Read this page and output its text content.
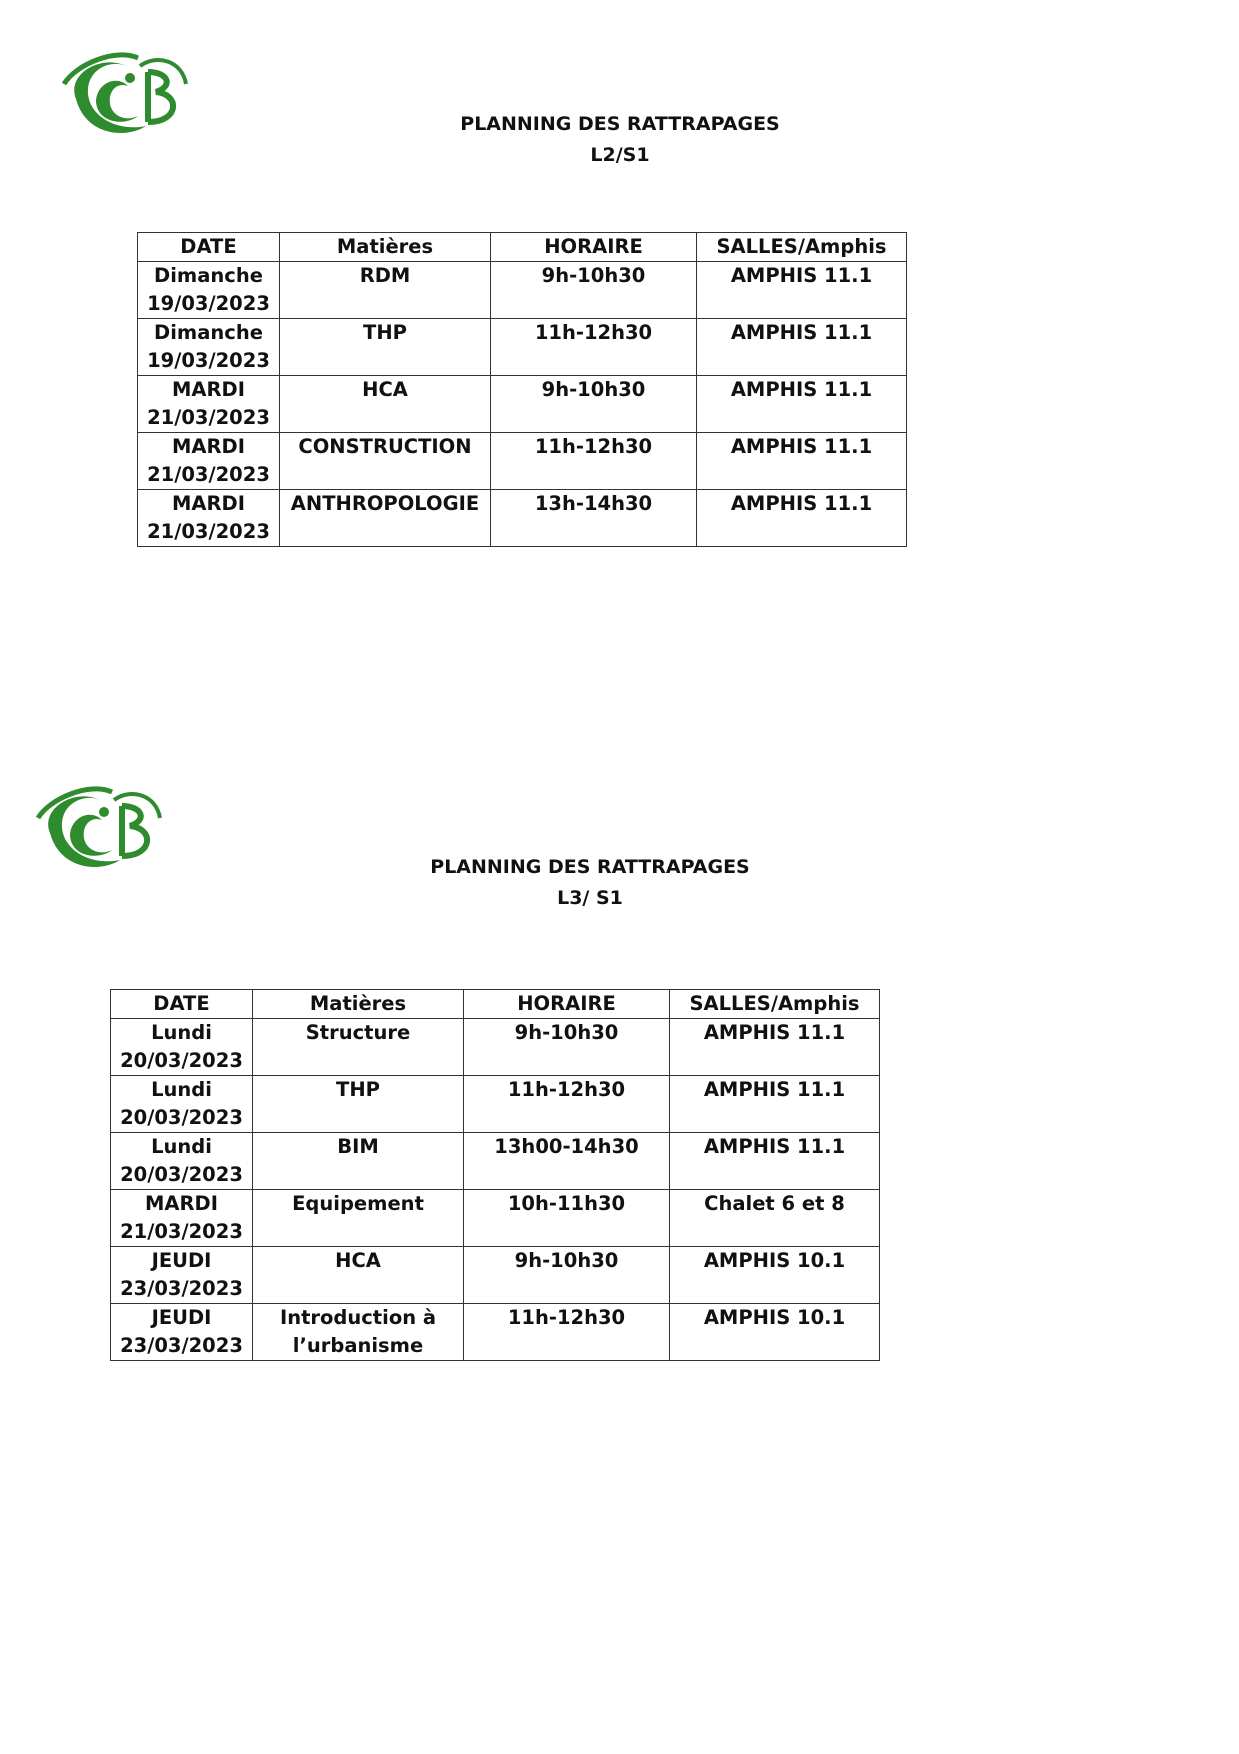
PLANNING DES RATTRAPAGES
L2/S1
DATE	Matières	HORAIRE	SALLES/Amphis
Dimanche
19/03/2023	RDM	9h-10h30	AMPHIS 11.1
Dimanche
19/03/2023	THP	11h-12h30	AMPHIS 11.1
MARDI
21/03/2023	HCA	9h-10h30	AMPHIS 11.1
MARDI
21/03/2023	CONSTRUCTION	11h-12h30	AMPHIS 11.1
MARDI
21/03/2023	ANTHROPOLOGIE	13h-14h30	AMPHIS 11.1
PLANNING DES RATTRAPAGES
L3/ S1
DATE	Matières	HORAIRE	SALLES/Amphis
Lundi
20/03/2023	Structure	9h-10h30	AMPHIS 11.1
Lundi
20/03/2023	THP	11h-12h30	AMPHIS 11.1
Lundi
20/03/2023	BIM	13h00-14h30	AMPHIS 11.1
MARDI
21/03/2023	Equipement	10h-11h30	Chalet 6 et 8
JEUDI
23/03/2023	HCA	9h-10h30	AMPHIS 10.1
JEUDI
23/03/2023	Introduction à l’urbanisme	11h-12h30	AMPHIS 10.1
